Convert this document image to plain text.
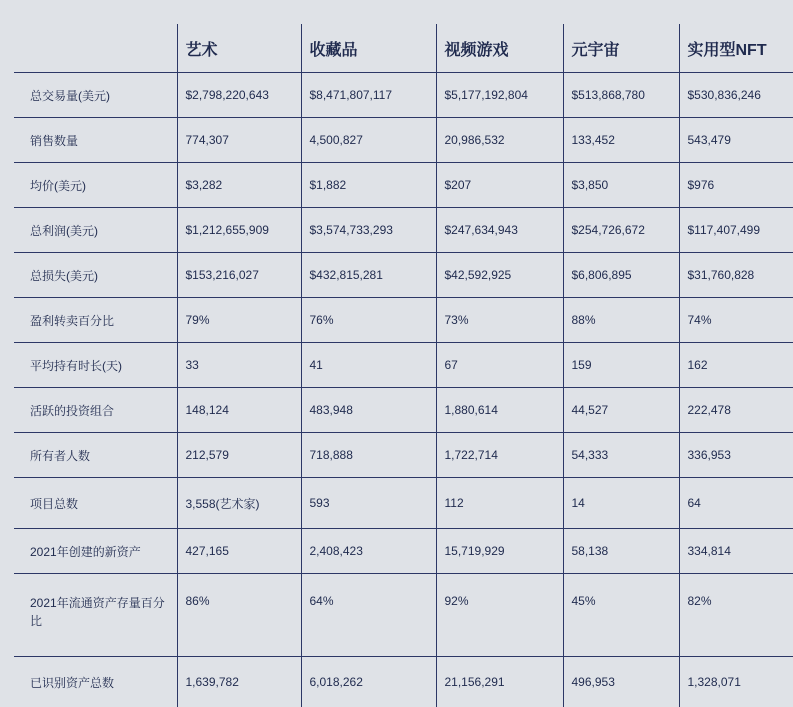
	艺术	收藏品	视频游戏	元宇宙	实用型NFT
总交易量(美元)	$2,798,220,643	$8,471,807,117	$5,177,192,804	$513,868,780	$530,836,246
销售数量	774,307	4,500,827	20,986,532	133,452	543,479
均价(美元)	$3,282	$1,882	$207	$3,850	$976
总利润(美元)	$1,212,655,909	$3,574,733,293	$247,634,943	$254,726,672	$117,407,499
总损失(美元)	$153,216,027	$432,815,281	$42,592,925	$6,806,895	$31,760,828
盈利转卖百分比	79%	76%	73%	88%	74%
平均持有时长(天)	33	41	67	159	162
活跃的投资组合	148,124	483,948	1,880,614	44,527	222,478
所有者人数	212,579	718,888	1,722,714	54,333	336,953
项目总数	3,558(艺术家)	593	112	14	64
2021年创建的新资产	427,165	2,408,423	15,719,929	58,138	334,814
2021年流通资产存量百分比	86%	64%	92%	45%	82%
已识别资产总数	1,639,782	6,018,262	21,156,291	496,953	1,328,071
